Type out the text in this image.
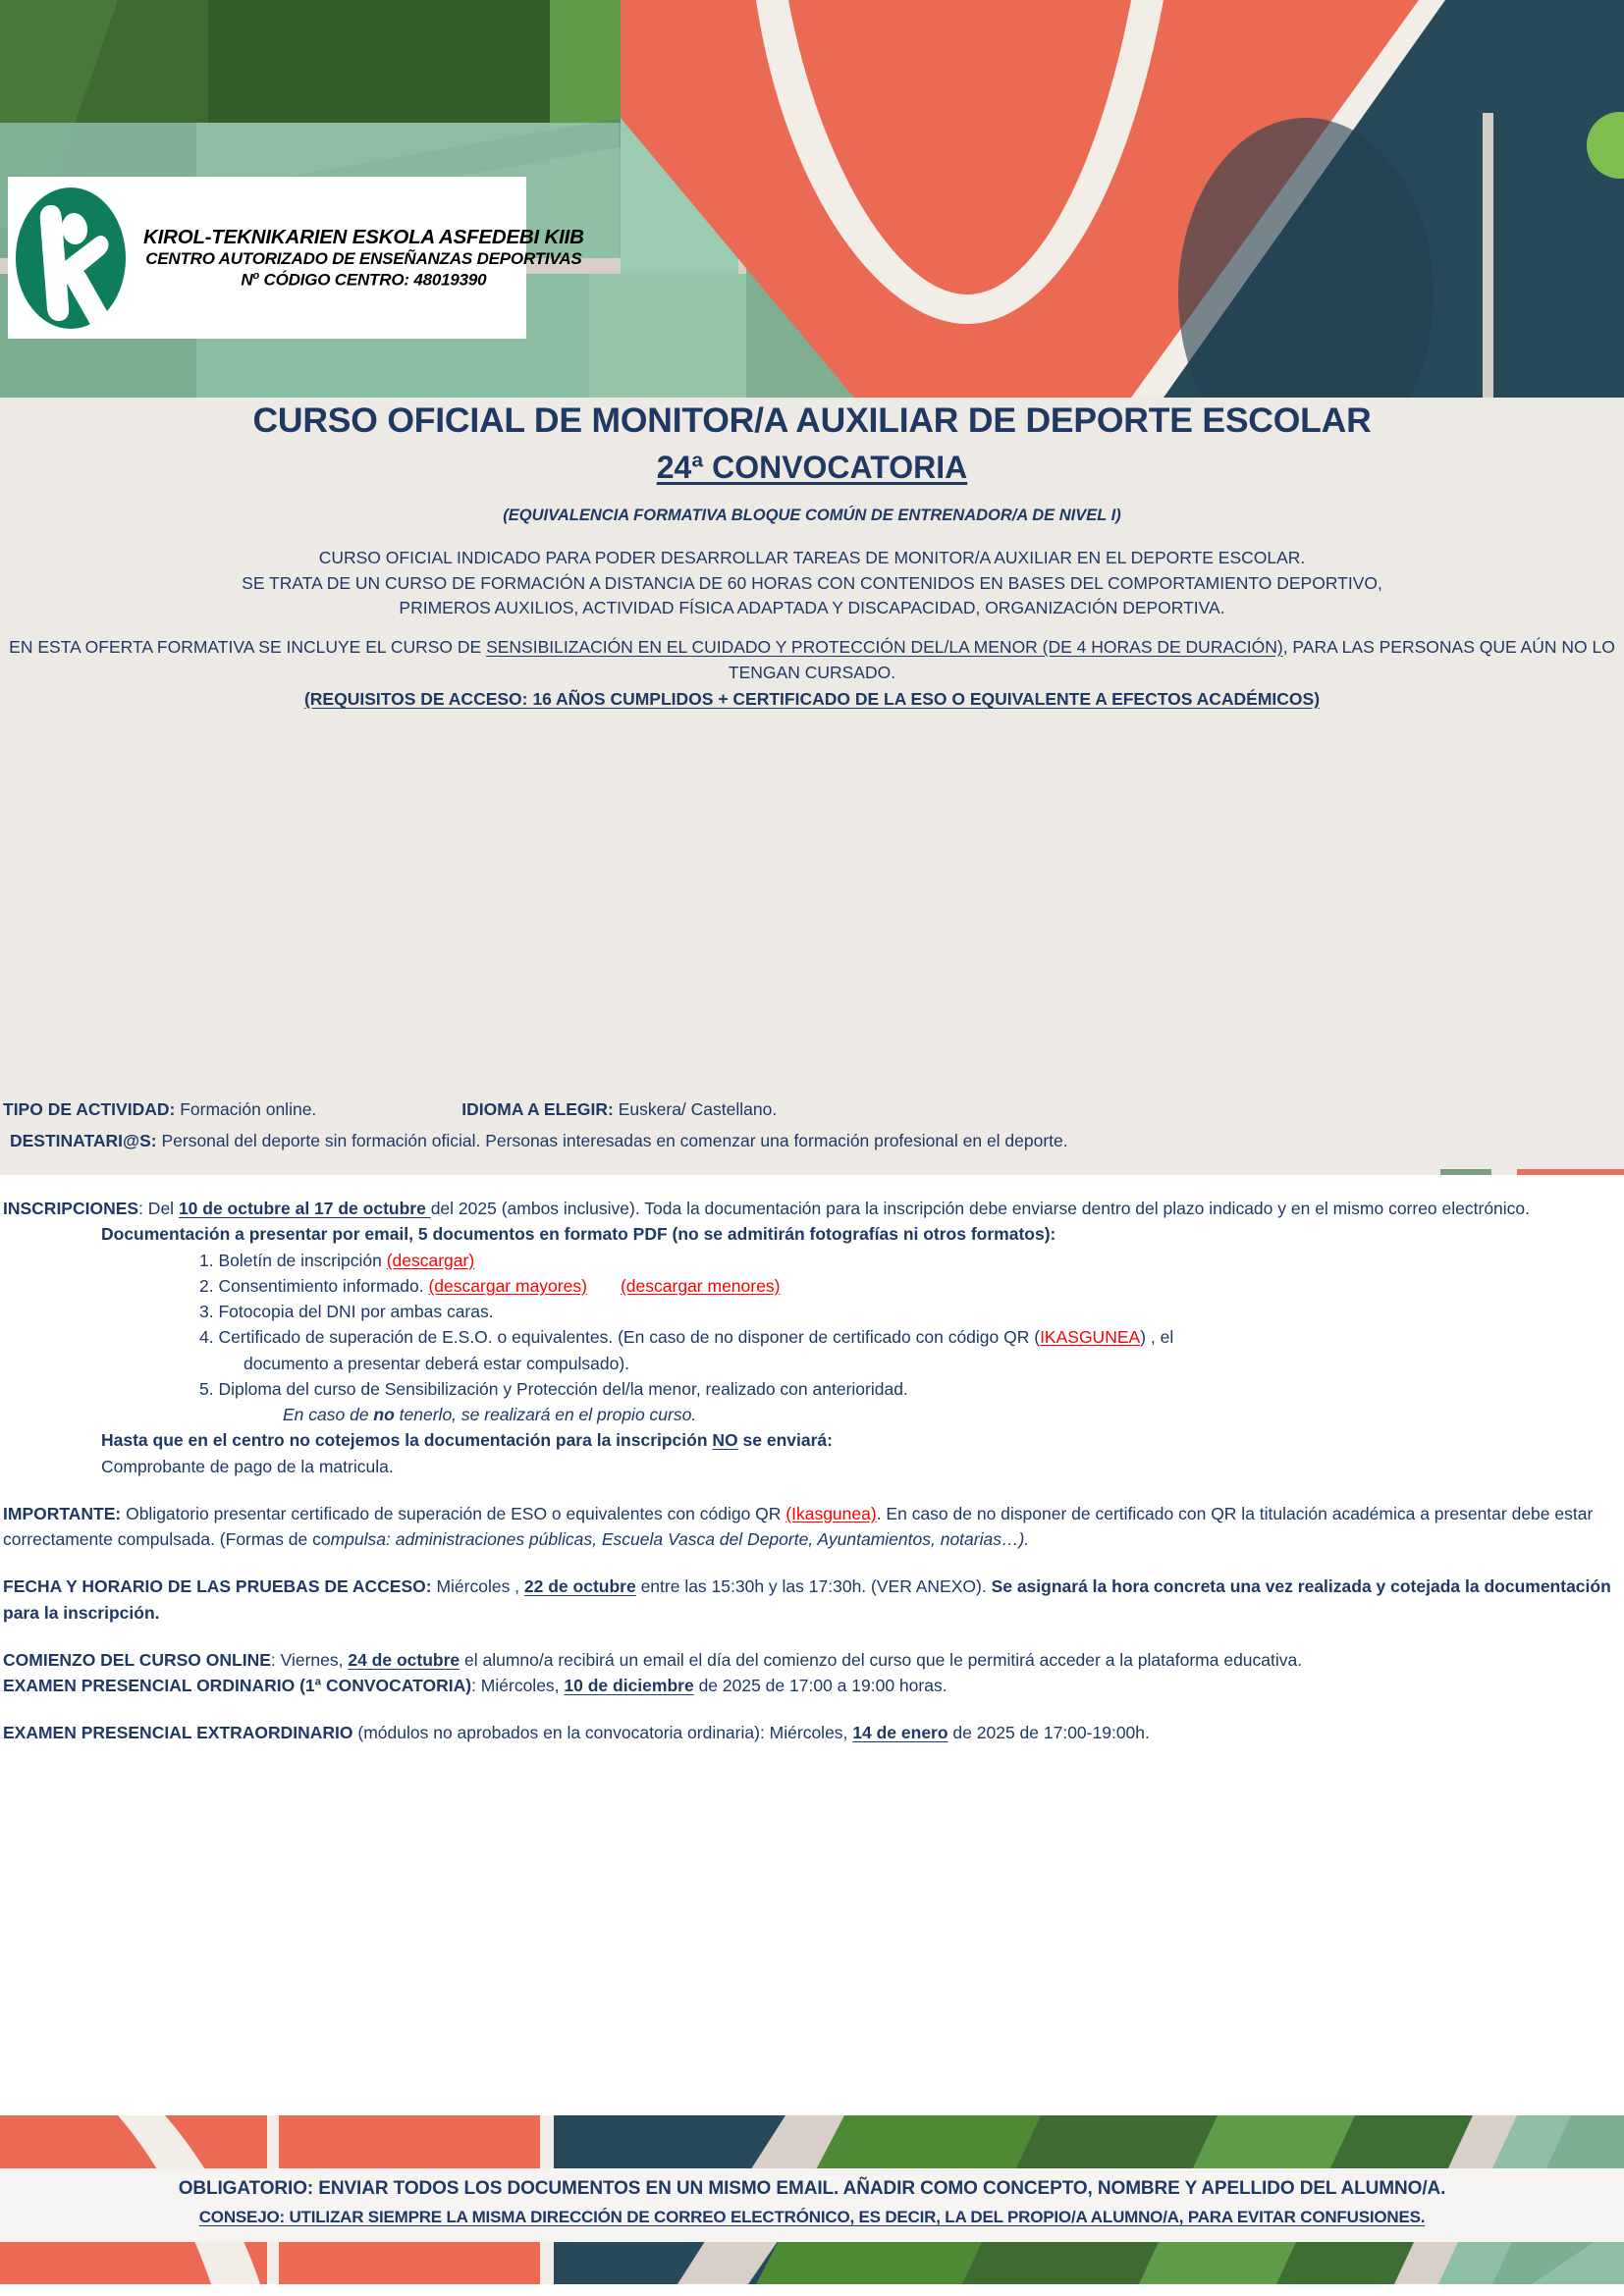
KIROL-TEKNIKARIEN ESKOLA ASFEDEBI KIIB
CENTRO AUTORIZADO DE ENSEÑANZAS DEPORTIVAS
$N^o$ CÓDIGO CENTRO: 48019390
CURSO OFICIAL DE MONITOR/A AUXILIAR DE DEPORTE ESCOLAR
24ª CONVOCATORIA
(EQUIVALENCIA FORMATIVA BLOQUE COMÚN DE ENTRENADOR/A DE NIVEL I)
CURSO OFICIAL INDICADO PARA PODER DESARROLLAR TAREAS DE MONITOR/A AUXILIAR EN EL DEPORTE ESCOLAR.
SE TRATA DE UN CURSO DE FORMACIÓN A DISTANCIA DE 60 HORAS CON CONTENIDOS EN BASES DEL COMPORTAMIENTO DEPORTIVO,
PRIMEROS AUXILIOS, ACTIVIDAD FÍSICA ADAPTADA Y DISCAPACIDAD, ORGANIZACIÓN DEPORTIVA.
EN ESTA OFERTA FORMATIVA SE INCLUYE EL CURSO DE SENSIBILIZACIÓN EN EL CUIDADO Y PROTECCIÓN DEL/LA MENOR (DE 4 HORAS DE DURACIÓN), PARA LAS PERSONAS QUE AÚN NO LO TENGAN CURSADO.
(REQUISITOS DE ACCESO: 16 AÑOS CUMPLIDOS + CERTIFICADO DE LA ESO O EQUIVALENTE A EFECTOS ACADÉMICOS)
TIPO DE ACTIVIDAD: Formación online.	IDIOMA A ELEGIR: Euskera/ Castellano.
DESTINATARI@S: Personal del deporte sin formación oficial. Personas interesadas en comenzar una formación profesional en el deporte.

INSCRIPCIONES: Del 10 de octubre al 17 de octubre del 2025 (ambos inclusive). Toda la documentación para la inscripción debe enviarse dentro del plazo indicado y en el mismo correo electrónico.

Documentación a presentar por email, 5 documentos en formato PDF (no se admitirán fotografías ni otros formatos):

1. Boletín de inscripción (descargar)

2. Consentimiento informado. (descargar mayores) (descargar menores)

3. Fotocopia del DNI por ambas caras.

4. Certificado de superación de E.S.O. o equivalentes. (En caso de no disponer de certificado con código QR (IKASGUNEA) , el

documento a presentar deberá estar compulsado).

5. Diploma del curso de Sensibilización y Protección del/la menor, realizado con anterioridad.

En caso de no tenerlo, se realizará en el propio curso.

Hasta que en el centro no cotejemos la documentación para la inscripción NO se enviará:

Comprobante de pago de la matricula.

IMPORTANTE: Obligatorio presentar certificado de superación de ESO o equivalentes con código QR (Ikasgunea). En caso de no disponer de certificado con QR la titulación académica a presentar debe estar correctamente compulsada. (Formas de compulsa: administraciones públicas, Escuela Vasca del Deporte, Ayuntamientos, notarias…).

FECHA Y HORARIO DE LAS PRUEBAS DE ACCESO: Miércoles , 22 de octubre entre las 15:30h y las 17:30h. (VER ANEXO). Se asignará la hora concreta una vez realizada y cotejada la documentación para la inscripción.

COMIENZO DEL CURSO ONLINE: Viernes, 24 de octubre el alumno/a recibirá un email el día del comienzo del curso que le permitirá acceder a la plataforma educativa.

EXAMEN PRESENCIAL ORDINARIO (1ª CONVOCATORIA): Miércoles, 10 de diciembre de 2025 de 17:00 a 19:00 horas.

EXAMEN PRESENCIAL EXTRAORDINARIO (módulos no aprobados en la convocatoria ordinaria): Miércoles, 14 de enero de 2025 de 17:00-19:00h.

OBLIGATORIO: ENVIAR TODOS LOS DOCUMENTOS EN UN MISMO EMAIL. AÑADIR COMO CONCEPTO, NOMBRE Y APELLIDO DEL ALUMNO/A.
CONSEJO: UTILIZAR SIEMPRE LA MISMA DIRECCIÓN DE CORREO ELECTRÓNICO, ES DECIR, LA DEL PROPIO/A ALUMNO/A, PARA EVITAR CONFUSIONES.
